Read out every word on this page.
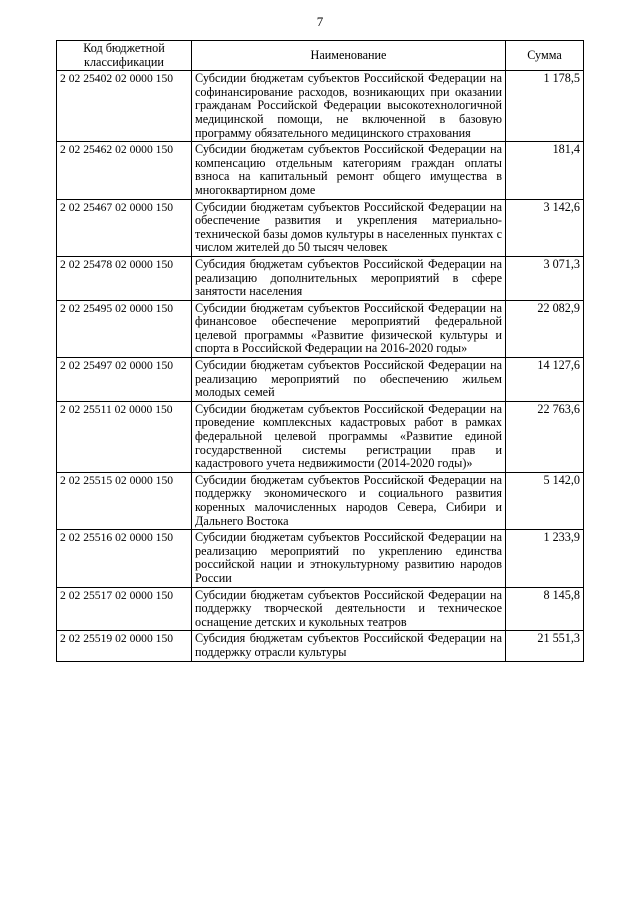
7
Код бюджетной классификации	Наименование	Сумма
2 02 25402 02 0000 150	Субсидии бюджетам субъектов Российской Федерации на софинансирование расходов, возникающих при оказании гражданам Российской Федерации высокотехнологичной медицинской помощи, не включенной в базовую программу обязательного медицинского страхования	1 178,5
2 02 25462 02 0000 150	Субсидии бюджетам субъектов Российской Федерации на компенсацию отдельным категориям граждан оплаты взноса на капитальный ремонт общего имущества в многоквартирном доме	181,4
2 02 25467 02 0000 150	Субсидии бюджетам субъектов Российской Федерации на обеспечение развития и укрепления материально-технической базы домов культуры в населенных пунктах с числом жителей до 50 тысяч человек	3 142,6
2 02 25478 02 0000 150	Субсидия бюджетам субъектов Российской Федерации на реализацию дополнительных мероприятий в сфере занятости населения	3 071,3
2 02 25495 02 0000 150	Субсидии бюджетам субъектов Российской Федерации на финансовое обеспечение мероприятий федеральной целевой программы «Развитие физической культуры и спорта в Российской Федерации на 2016-2020 годы»	22 082,9
2 02 25497 02 0000 150	Субсидии бюджетам субъектов Российской Федерации на реализацию мероприятий по обеспечению жильем молодых семей	14 127,6
2 02 25511 02 0000 150	Субсидии бюджетам субъектов Российской Федерации на проведение комплексных кадастровых работ в рамках федеральной целевой программы «Развитие единой государственной системы регистрации прав и кадастрового учета недвижимости (2014-2020 годы)»	22 763,6
2 02 25515 02 0000 150	Субсидии бюджетам субъектов Российской Федерации на поддержку экономического и социального развития коренных малочисленных народов Севера, Сибири и Дальнего Востока	5 142,0
2 02 25516 02 0000 150	Субсидии бюджетам субъектов Российской Федерации на реализацию мероприятий по укреплению единства российской нации и этнокультурному развитию народов России	1 233,9
2 02 25517 02 0000 150	Субсидии бюджетам субъектов Российской Федерации на поддержку творческой деятельности и техническое оснащение детских и кукольных театров	8 145,8
2 02 25519 02 0000 150	Субсидия бюджетам субъектов Российской Федерации на поддержку отрасли культуры	21 551,3
